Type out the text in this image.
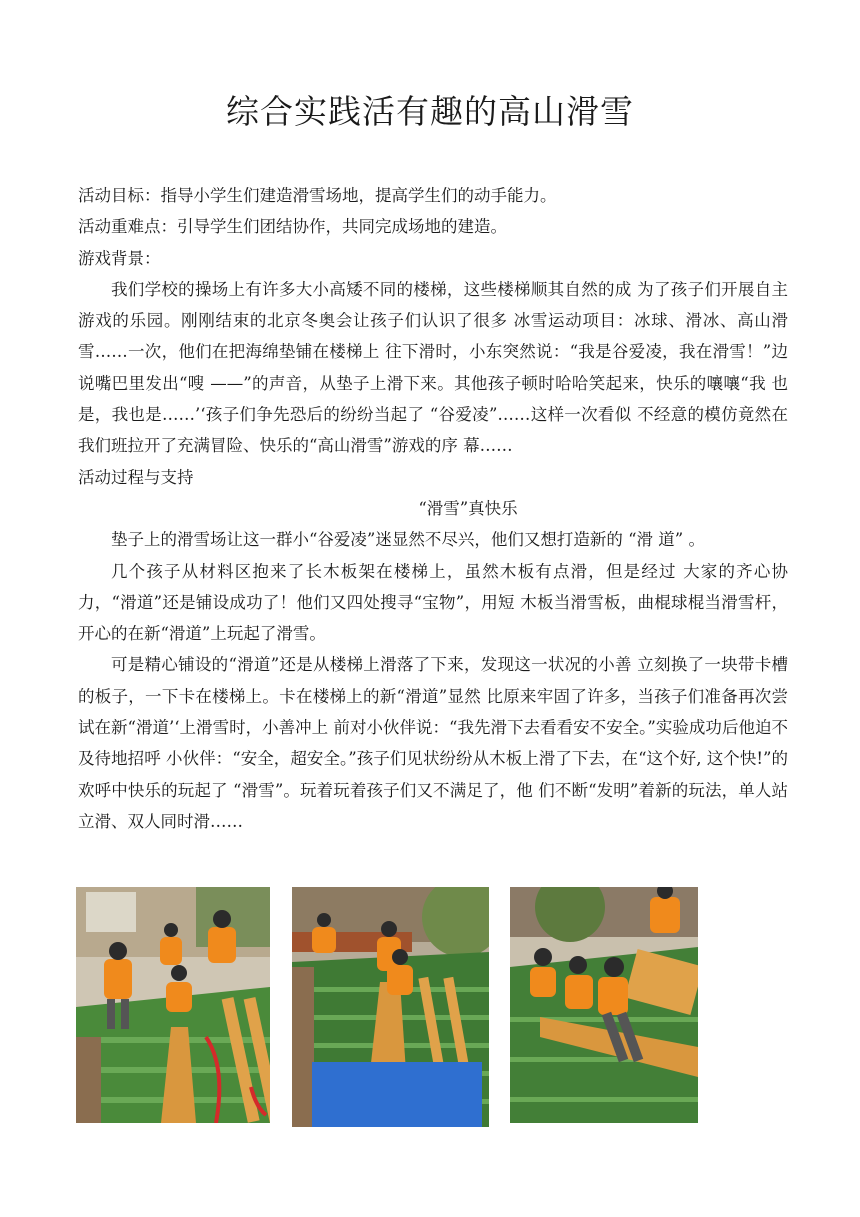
综合实践活有趣的高山滑雪

活动目标：指导小学生们建造滑雪场地，提高学生们的动手能力。

活动重难点：引导学生们团结协作，共同完成场地的建造。

游戏背景：

我们学校的操场上有许多大小高矮不同的楼梯，这些楼梯顺其自然的成 为了孩子们开展自主游戏的乐园。刚刚结束的北京冬奥会让孩子们认识了很多 冰雪运动项目：冰球、滑冰、高山滑雪……一次，他们在把海绵垫铺在楼梯上 往下滑时，小东突然说：“我是谷爱凌，我在滑雪！”边说嘴巴里发出“嗖 ——”的声音，从垫子上滑下来。其他孩子顿时哈哈笑起来，快乐的嚷嚷“我 也是，我也是……’‘孩子们争先恐后的纷纷当起了 “谷爱凌”……这样一次看似 不经意的模仿竟然在我们班拉开了充满冒险、快乐的“高山滑雪”游戏的序 幕……

活动过程与支持

“滑雪”真快乐

垫子上的滑雪场让这一群小“谷爱凌”迷显然不尽兴，他们又想打造新的 “滑 道” 。

几个孩子从材料区抱来了长木板架在楼梯上，虽然木板有点滑，但是经过 大家的齐心协力，“滑道”还是铺设成功了！他们又四处搜寻“宝物”，用短 木板当滑雪板，曲棍球棍当滑雪杆，开心的在新“滑道”上玩起了滑雪。

可是精心铺设的“滑道”还是从楼梯上滑落了下来，发现这一状况的小善 立刻换了一块带卡槽的板子，一下卡在楼梯上。卡在楼梯上的新“滑道”显然 比原来牢固了许多，当孩子们准备再次尝试在新“滑道’‘上滑雪时，小善冲上 前对小伙伴说：“我先滑下去看看安不安全。”实验成功后他迫不及待地招呼 小伙伴：“安全，超安全。”孩子们见状纷纷从木板上滑了下去，在“这个好, 这个快!”的欢呼中快乐的玩起了 “滑雪”。玩着玩着孩子们又不满足了，他 们不断“发明”着新的玩法，单人站立滑、双人同时滑……
